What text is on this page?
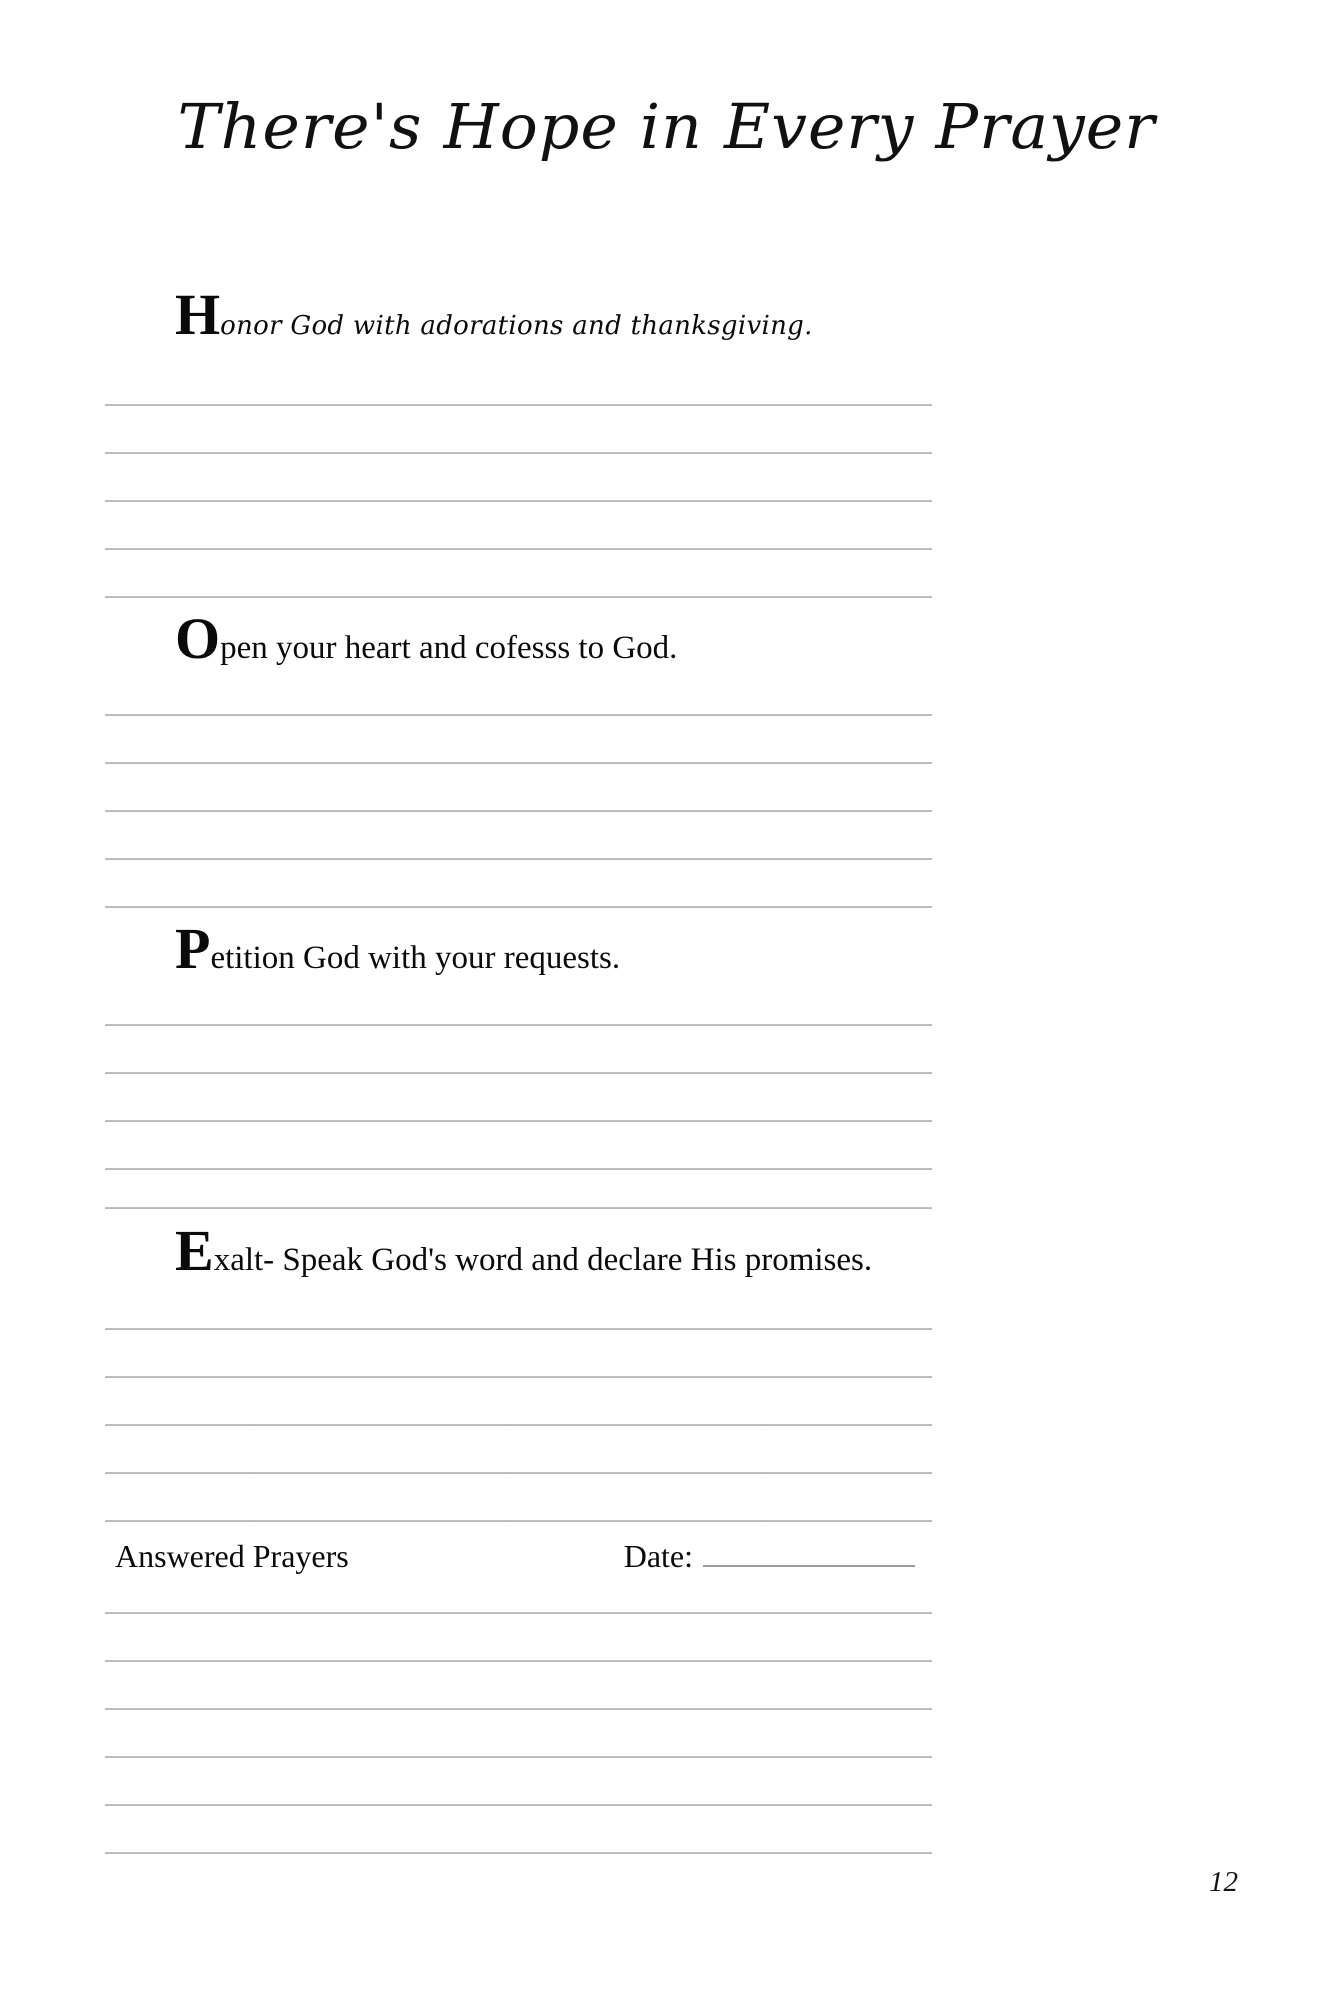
There's Hope in Every Prayer
Honor God with adorations and thanksgiving.
Open your heart and cofesss to God.
Petition God with your requests.
Exalt- Speak God's word and declare His promises.
Answered Prayers	Date:
12
